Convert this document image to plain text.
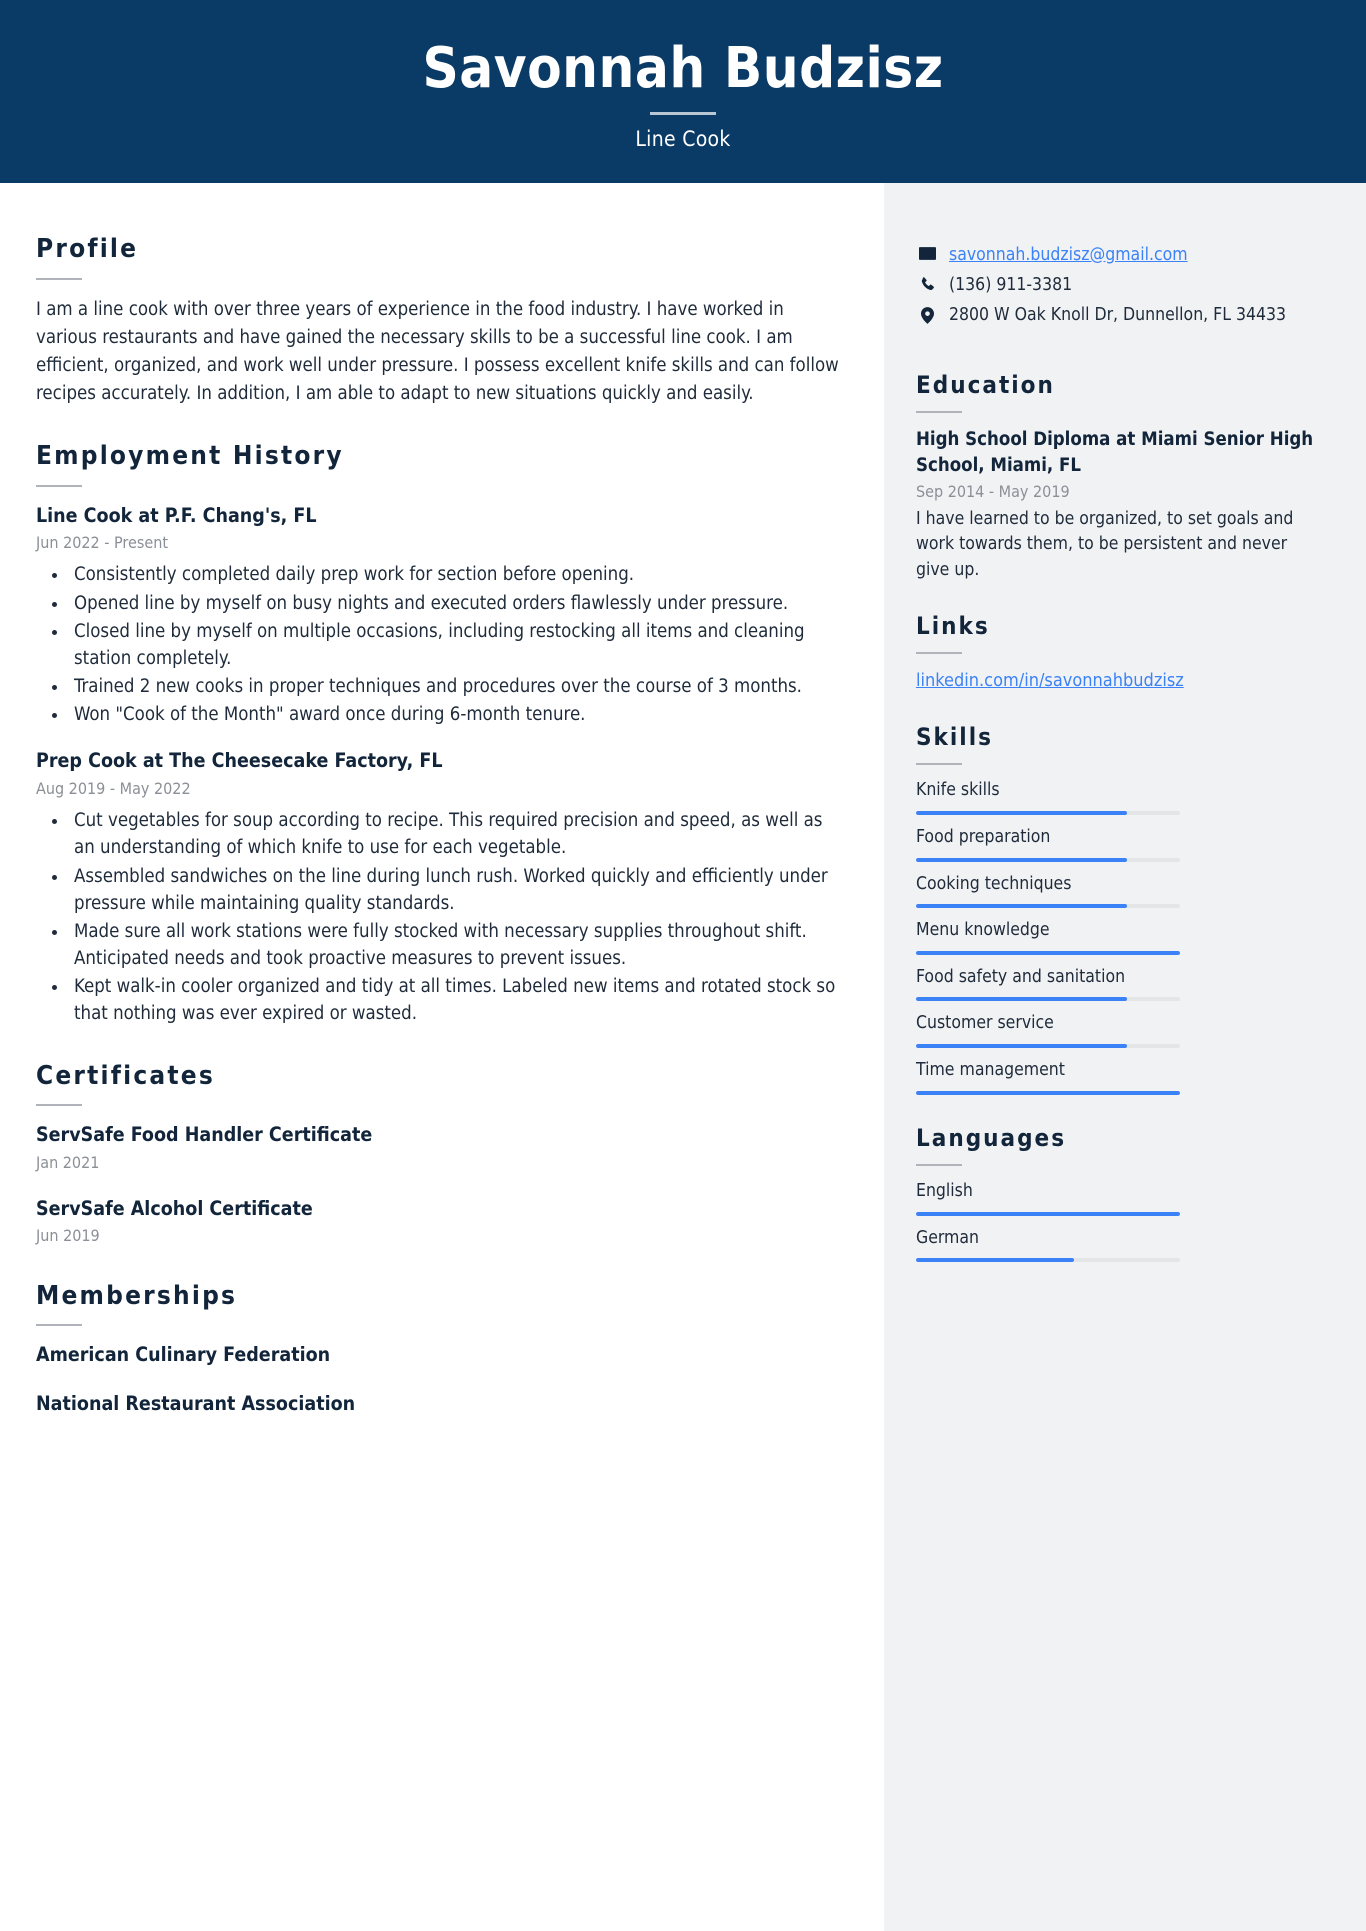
Savonnah Budzisz
Line Cook
Profile
I am a line cook with over three years of experience in the food industry. I have worked in various restaurants and have gained the necessary skills to be a successful line cook. I am efficient, organized, and work well under pressure. I possess excellent knife skills and can follow recipes accurately. In addition, I am able to adapt to new situations quickly and easily.
Employment History
Line Cook at P.F. Chang's, FL
Jun 2022 - Present
• Consistently completed daily prep work for section before opening.
• Opened line by myself on busy nights and executed orders flawlessly under pressure.
• Closed line by myself on multiple occasions, including restocking all items and cleaning station completely.
• Trained 2 new cooks in proper techniques and procedures over the course of 3 months.
• Won "Cook of the Month" award once during 6-month tenure.
Prep Cook at The Cheesecake Factory, FL
Aug 2019 - May 2022
• Cut vegetables for soup according to recipe. This required precision and speed, as well as an understanding of which knife to use for each vegetable.
• Assembled sandwiches on the line during lunch rush. Worked quickly and efficiently under pressure while maintaining quality standards.
• Made sure all work stations were fully stocked with necessary supplies throughout shift. Anticipated needs and took proactive measures to prevent issues.
• Kept walk-in cooler organized and tidy at all times. Labeled new items and rotated stock so that nothing was ever expired or wasted.
Certificates
ServSafe Food Handler Certificate
Jan 2021
ServSafe Alcohol Certificate
Jun 2019
Memberships
American Culinary Federation
National Restaurant Association
savonnah.budzisz@gmail.com
(136) 911-3381
2800 W Oak Knoll Dr, Dunnellon, FL 34433
Education
High School Diploma at Miami Senior High School, Miami, FL
Sep 2014 - May 2019
I have learned to be organized, to set goals and work towards them, to be persistent and never give up.
Links
linkedin.com/in/savonnahbudzisz
Skills
Knife skills
Food preparation
Cooking techniques
Menu knowledge
Food safety and sanitation
Customer service
Time management
Languages
English
German
